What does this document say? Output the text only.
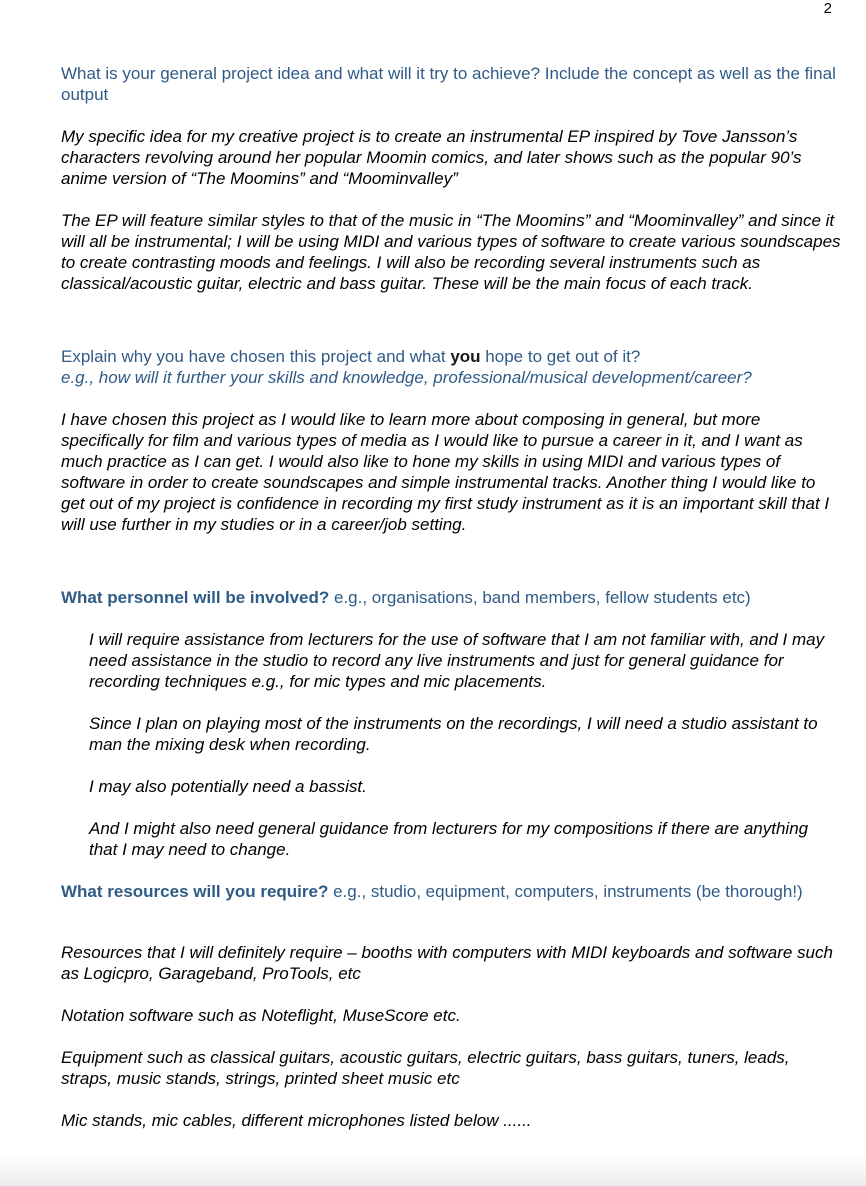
2

What is your general project idea and what will it try to achieve? Include the concept as well as the final output

My specific idea for my creative project is to create an instrumental EP inspired by Tove Jansson’s characters revolving around her popular Moomin comics, and later shows such as the popular 90’s anime version of “The Moomins” and “Moominvalley”

The EP will feature similar styles to that of the music in “The Moomins” and “Moominvalley” and since it will all be instrumental; I will be using MIDI and various types of software to create various soundscapes to create contrasting moods and feelings. I will also be recording several instruments such as classical/acoustic guitar, electric and bass guitar. These will be the main focus of each track.

Explain why you have chosen this project and what you hope to get out of it?

e.g., how will it further your skills and knowledge, professional/musical development/career?

I have chosen this project as I would like to learn more about composing in general, but more specifically for film and various types of media as I would like to pursue a career in it, and I want as much practice as I can get. I would also like to hone my skills in using MIDI and various types of software in order to create soundscapes and simple instrumental tracks. Another thing I would like to get out of my project is confidence in recording my first study instrument as it is an important skill that I will use further in my studies or in a career/job setting.

What personnel will be involved? e.g., organisations, band members, fellow students etc)

I will require assistance from lecturers for the use of software that I am not familiar with, and I may need assistance in the studio to record any live instruments and just for general guidance for recording techniques e.g., for mic types and mic placements.

Since I plan on playing most of the instruments on the recordings, I will need a studio assistant to man the mixing desk when recording.

I may also potentially need a bassist.

And I might also need general guidance from lecturers for my compositions if there are anything that I may need to change.

What resources will you require? e.g., studio, equipment, computers, instruments (be thorough!)

Resources that I will definitely require – booths with computers with MIDI keyboards and software such as Logicpro, Garageband, ProTools, etc

Notation software such as Noteflight, MuseScore etc.

Equipment such as classical guitars, acoustic guitars, electric guitars, bass guitars, tuners, leads, straps, music stands, strings, printed sheet music etc

Mic stands, mic cables, different microphones listed below ......
